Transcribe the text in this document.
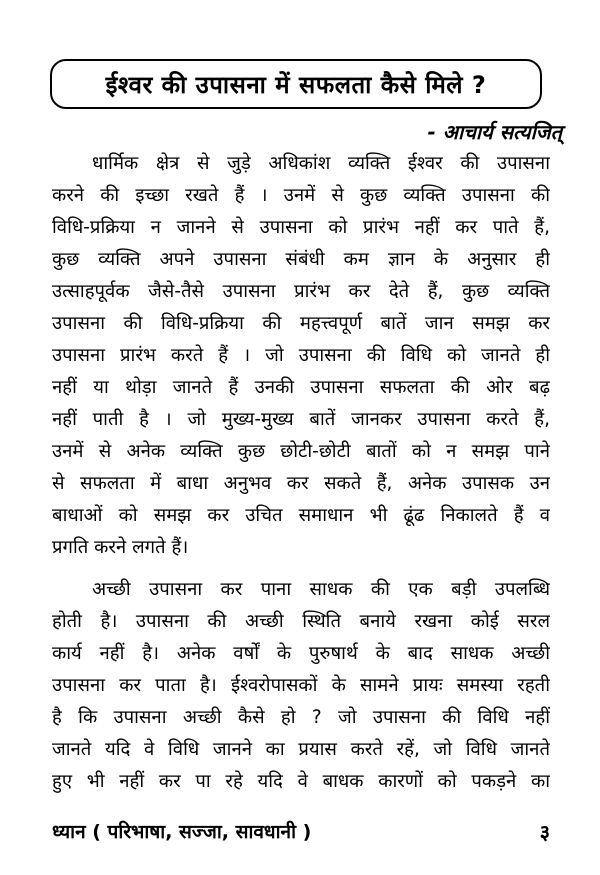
ईश्वर की उपासना में सफलता कैसे मिले ?
- आचार्य सत्यजित्
धार्मिक क्षेत्र से जुड़े अधिकांश व्यक्ति ईश्वर की उपासना
करने की इच्छा रखते हैं । उनमें से कुछ व्यक्ति उपासना की
विधि-प्रक्रिया न जानने से उपासना को प्रारंभ नहीं कर पाते हैं,
कुछ व्यक्ति अपने उपासना संबंधी कम ज्ञान के अनुसार ही
उत्साहपूर्वक जैसे-तैसे उपासना प्रारंभ कर देते हैं, कुछ व्यक्ति
उपासना की विधि-प्रक्रिया की महत्त्वपूर्ण बातें जान समझ कर
उपासना प्रारंभ करते हैं । जो उपासना की विधि को जानते ही
नहीं या थोड़ा जानते हैं उनकी उपासना सफलता की ओर बढ़
नहीं पाती है । जो मुख्य-मुख्य बातें जानकर उपासना करते हैं,
उनमें से अनेक व्यक्ति कुछ छोटी-छोटी बातों को न समझ पाने
से सफलता में बाधा अनुभव कर सकते हैं, अनेक उपासक उन
बाधाओं को समझ कर उचित समाधान भी ढूंढ निकालते हैं व
प्रगति करने लगते हैं।
अच्छी उपासना कर पाना साधक की एक बड़ी उपलब्धि
होती है। उपासना की अच्छी स्थिति बनाये रखना कोई सरल
कार्य नहीं है। अनेक वर्षों के पुरुषार्थ के बाद साधक अच्छी
उपासना कर पाता है। ईश्वरोपासकों के सामने प्रायः समस्या रहती
है कि उपासना अच्छी कैसे हो ? जो उपासना की विधि नहीं
जानते यदि वे विधि जानने का प्रयास करते रहें, जो विधि जानते
हुए भी नहीं कर पा रहे यदि वे बाधक कारणों को पकड़ने का
ध्यान ( परिभाषा, सज्जा, सावधानी )	३
